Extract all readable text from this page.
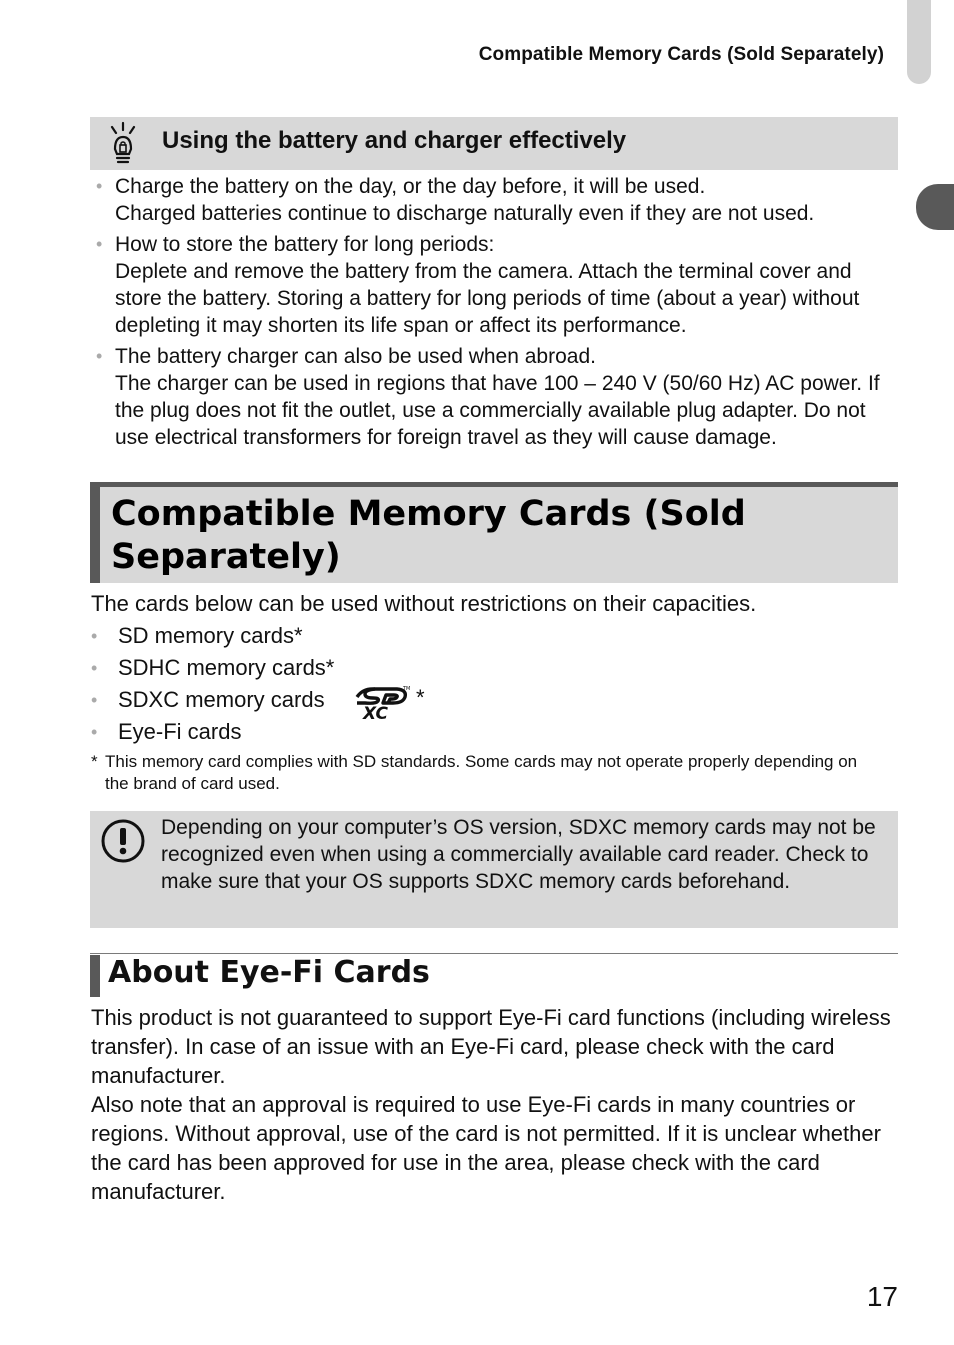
Compatible Memory Cards (Sold Separately)
Using the battery and charger effectively
• Charge the battery on the day, or the day before, it will be used.

Charged batteries continue to discharge naturally even if they are not used.

• How to store the battery for long periods:

Deplete and remove the battery from the camera. Attach the terminal cover and store the battery. Storing a battery for long periods of time (about a year) without depleting it may shorten its life span or affect its performance.

• The battery charger can also be used when abroad.

The charger can be used in regions that have 100 – 240 V (50/60 Hz) AC power. If the plug does not fit the outlet, use a commercially available plug adapter. Do not use electrical transformers for foreign travel as they will cause damage.

Compatible Memory Cards (Sold Separately)
The cards below can be used without restrictions on their capacities.
• SD memory cards*
• SDHC memory cards*
• SDXC memory cards
XC
TM *
• Eye-Fi cards
* This memory card complies with SD standards. Some cards may not operate properly depending on the brand of card used.
Depending on your computer’s OS version, SDXC memory cards may not be recognized even when using a commercially available card reader. Check to make sure that your OS supports SDXC memory cards beforehand.
About Eye-Fi Cards

This product is not guaranteed to support Eye-Fi card functions (including wireless transfer). In case of an issue with an Eye-Fi card, please check with the card manufacturer.

Also note that an approval is required to use Eye-Fi cards in many countries or regions. Without approval, use of the card is not permitted. If it is unclear whether the card has been approved for use in the area, please check with the card manufacturer.

17
